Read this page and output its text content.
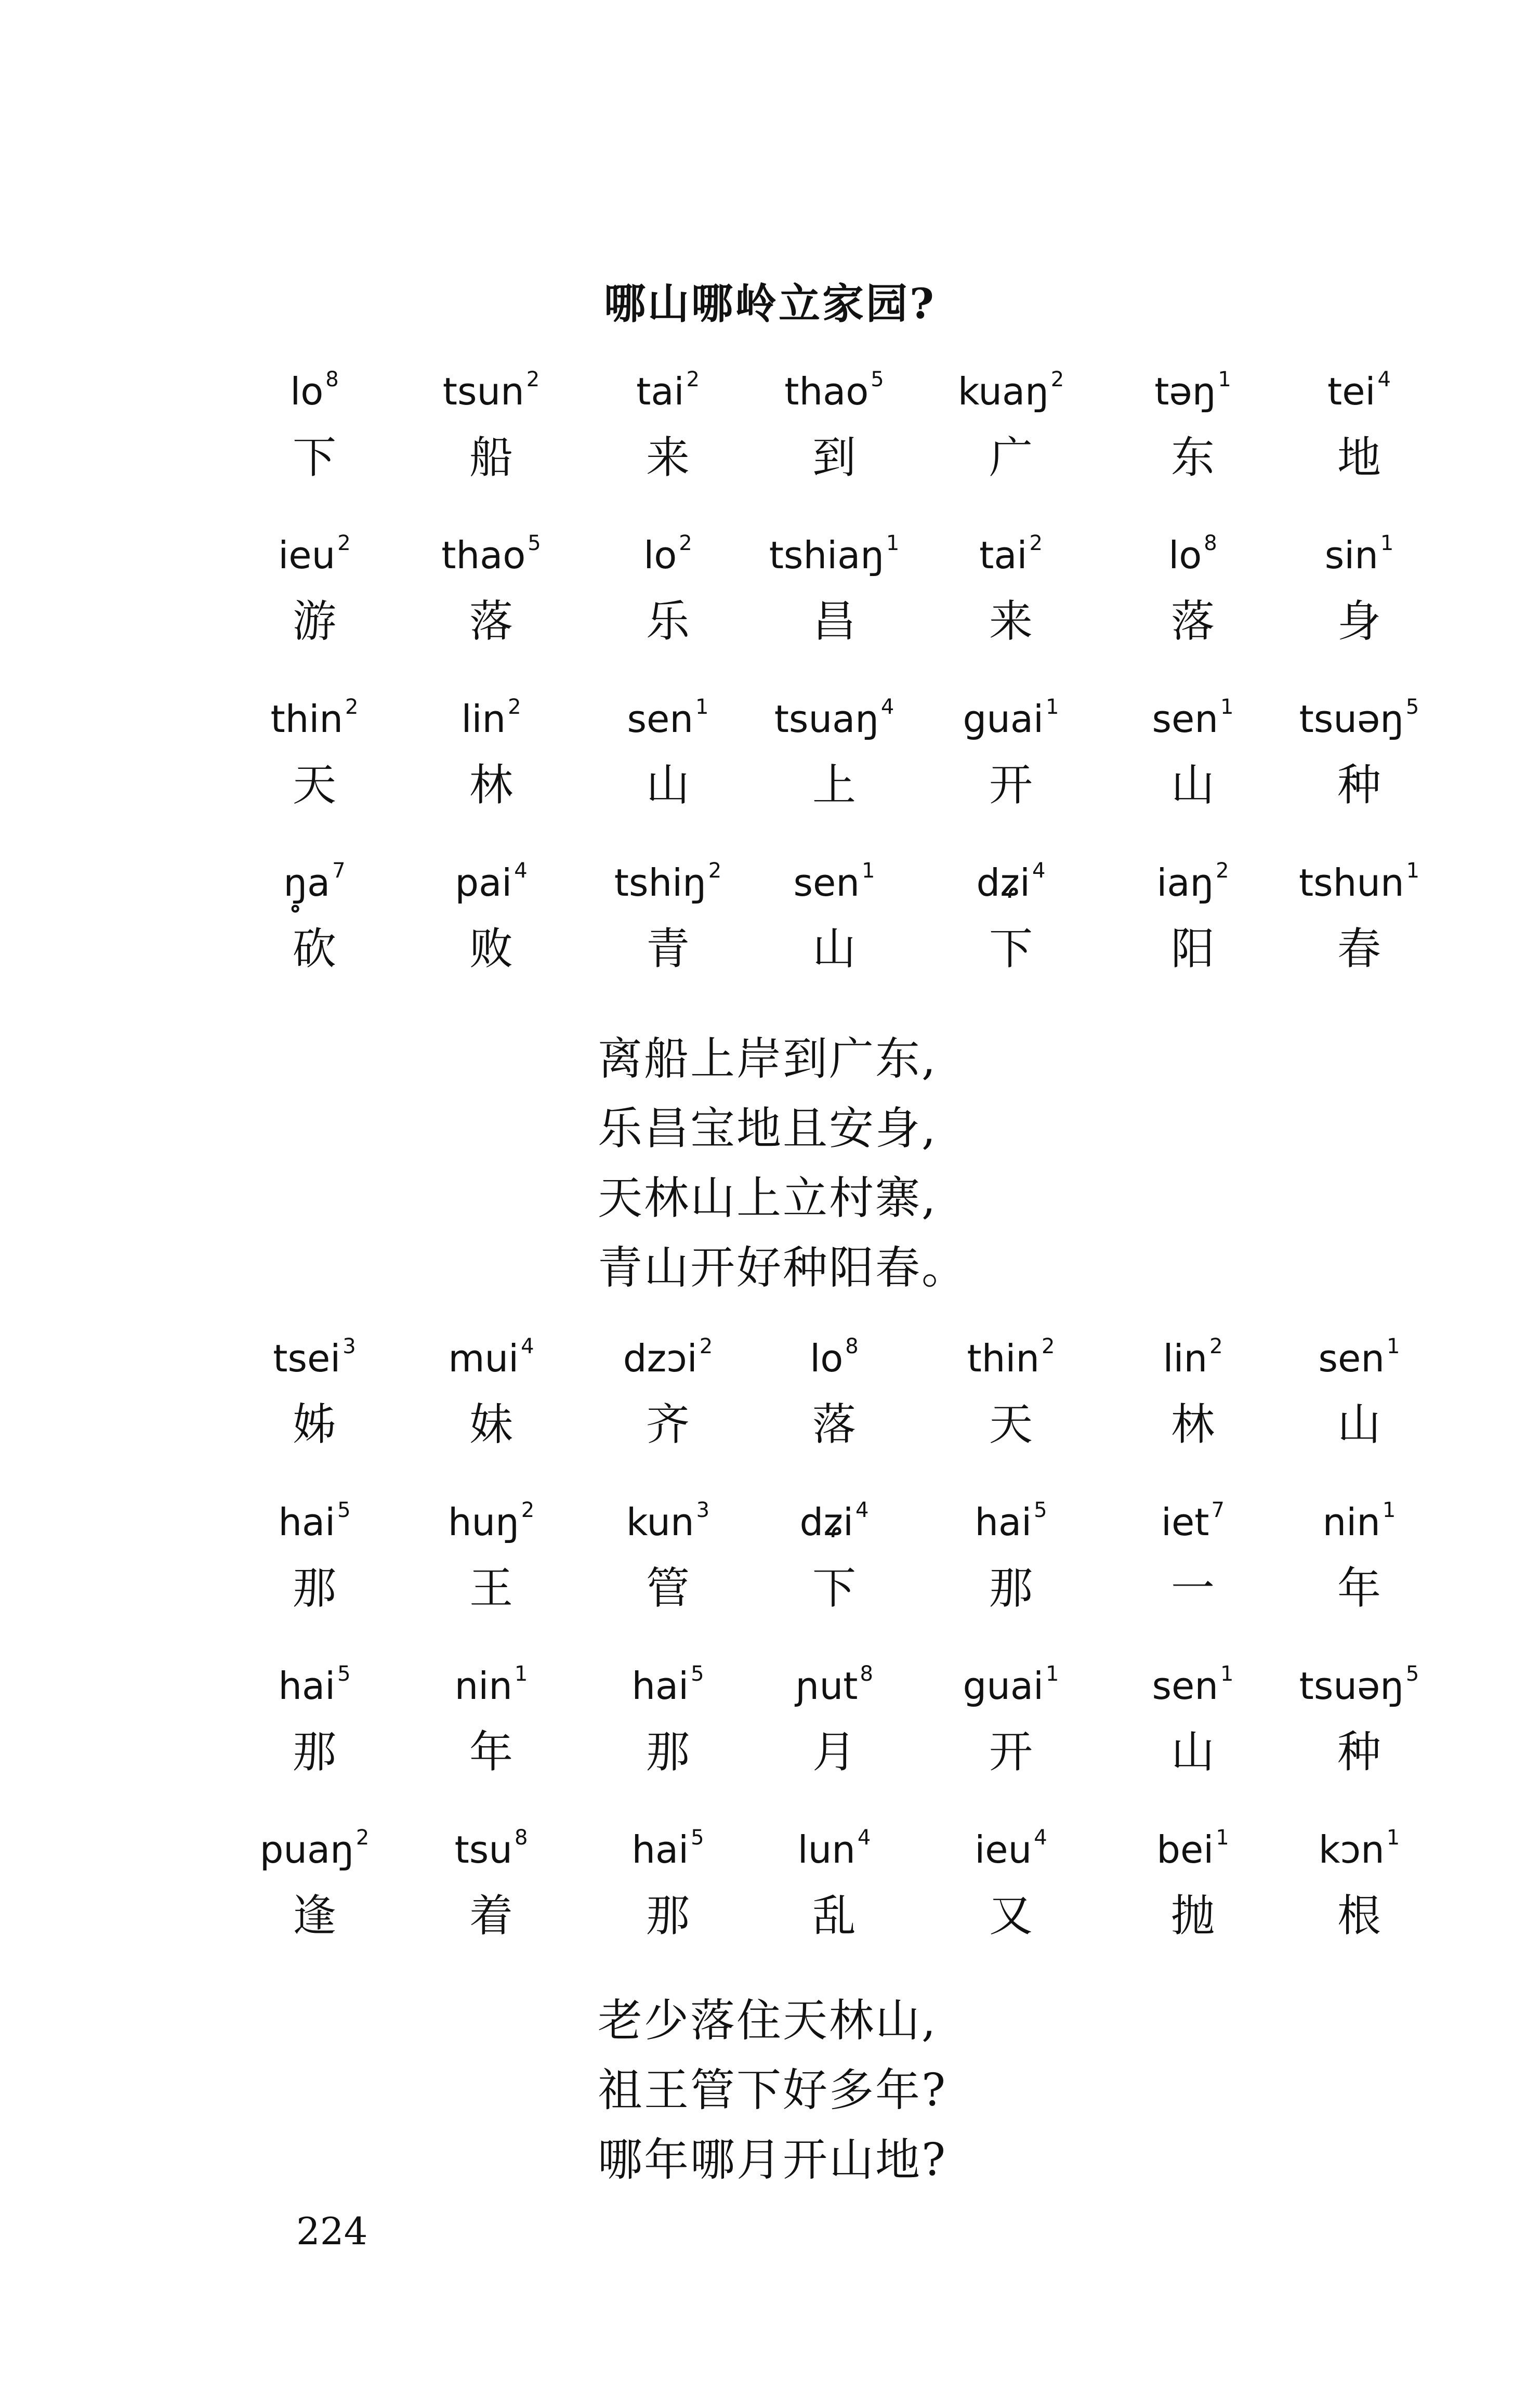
哪山哪岭立家园?
lo $^8$
下
tsun $^2$
船
tai $^2$
来
thao $^5$
到
kuaŋ $^2$
广
təŋ $^1$
东
tei $^4$
地
ieu $^2$
游
thao $^5$
落
lo $^2$
乐
tshiaŋ $^1$
昌
tai $^2$
来
lo $^8$
落
sin $^1$
身
thin $^2$
天
lin $^2$
林
sen $^1$
山
tsuaŋ $^4$
上
guai $^1$
开
sen $^1$
山
tsuəŋ $^5$
种
ŋ̥a $^7$
砍
pai $^4$
败
tshiŋ $^2$
青
sen $^1$
山
dʑi $^4$
下
iaŋ $^2$
阳
tshun $^1$
春
离船上岸到广东,
乐昌宝地且安身,
天林山上立村寨,
青山开好种阳春。
tsei $^3$
姊
mui $^4$
妹
dzɔi $^2$
齐
lo $^8$
落
thin $^2$
天
lin $^2$
林
sen $^1$
山
hai $^5$
那
huŋ $^2$
王
kun $^3$
管
dʑi $^4$
下
hai $^5$
那
iet $^7$
一
nin $^1$
年
hai $^5$
那
nin $^1$
年
hai $^5$
那
ɲut $^8$
月
guai $^1$
开
sen $^1$
山
tsuəŋ $^5$
种
puaŋ $^2$
逢
tsu $^8$
着
hai $^5$
那
lun $^4$
乱
ieu $^4$
又
bei $^1$
抛
kɔn $^1$
根
老少落住天林山,
祖王管下好多年?
哪年哪月开山地?
224
